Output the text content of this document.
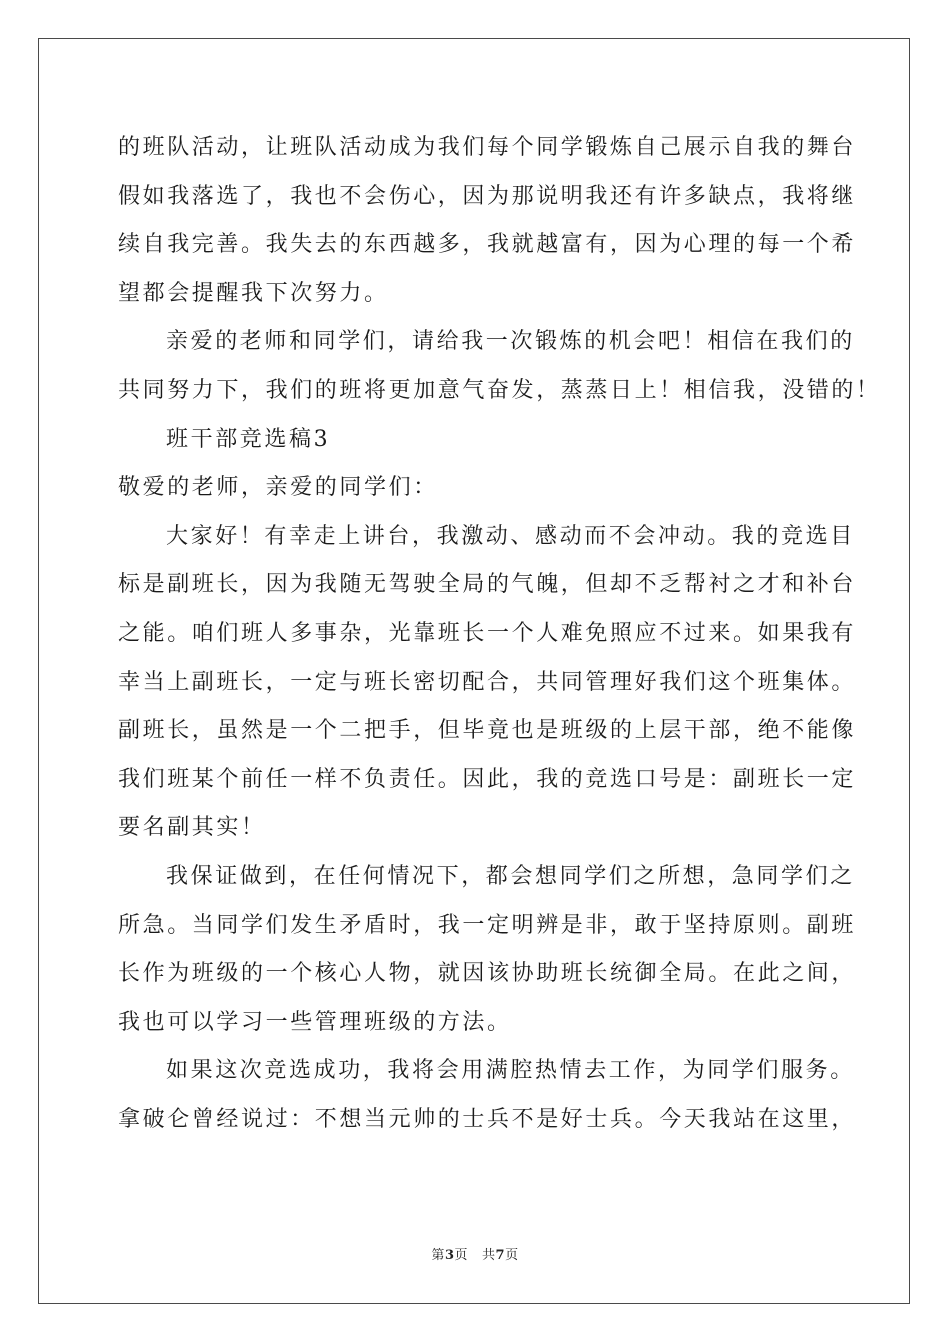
的班队活动，让班队活动成为我们每个同学锻炼自己展示自我的舞台
假如我落选了，我也不会伤心，因为那说明我还有许多缺点，我将继
续自我完善。我失去的东西越多，我就越富有，因为心理的每一个希
望都会提醒我下次努力。
亲爱的老师和同学们，请给我一次锻炼的机会吧！相信在我们的
共同努力下，我们的班将更加意气奋发，蒸蒸日上！相信我，没错的！
班干部竞选稿3
敬爱的老师，亲爱的同学们：
大家好！有幸走上讲台，我激动、感动而不会冲动。我的竞选目
标是副班长，因为我随无驾驶全局的气魄，但却不乏帮衬之才和补台
之能。咱们班人多事杂，光靠班长一个人难免照应不过来。如果我有
幸当上副班长，一定与班长密切配合，共同管理好我们这个班集体。
副班长，虽然是一个二把手，但毕竟也是班级的上层干部，绝不能像
我们班某个前任一样不负责任。因此，我的竞选口号是：副班长一定
要名副其实！
我保证做到，在任何情况下，都会想同学们之所想，急同学们之
所急。当同学们发生矛盾时，我一定明辨是非，敢于坚持原则。副班
长作为班级的一个核心人物，就因该协助班长统御全局。在此之间，
我也可以学习一些管理班级的方法。
如果这次竞选成功，我将会用满腔热情去工作，为同学们服务。
拿破仑曾经说过：不想当元帅的士兵不是好士兵。今天我站在这里，
第3页 共7页
